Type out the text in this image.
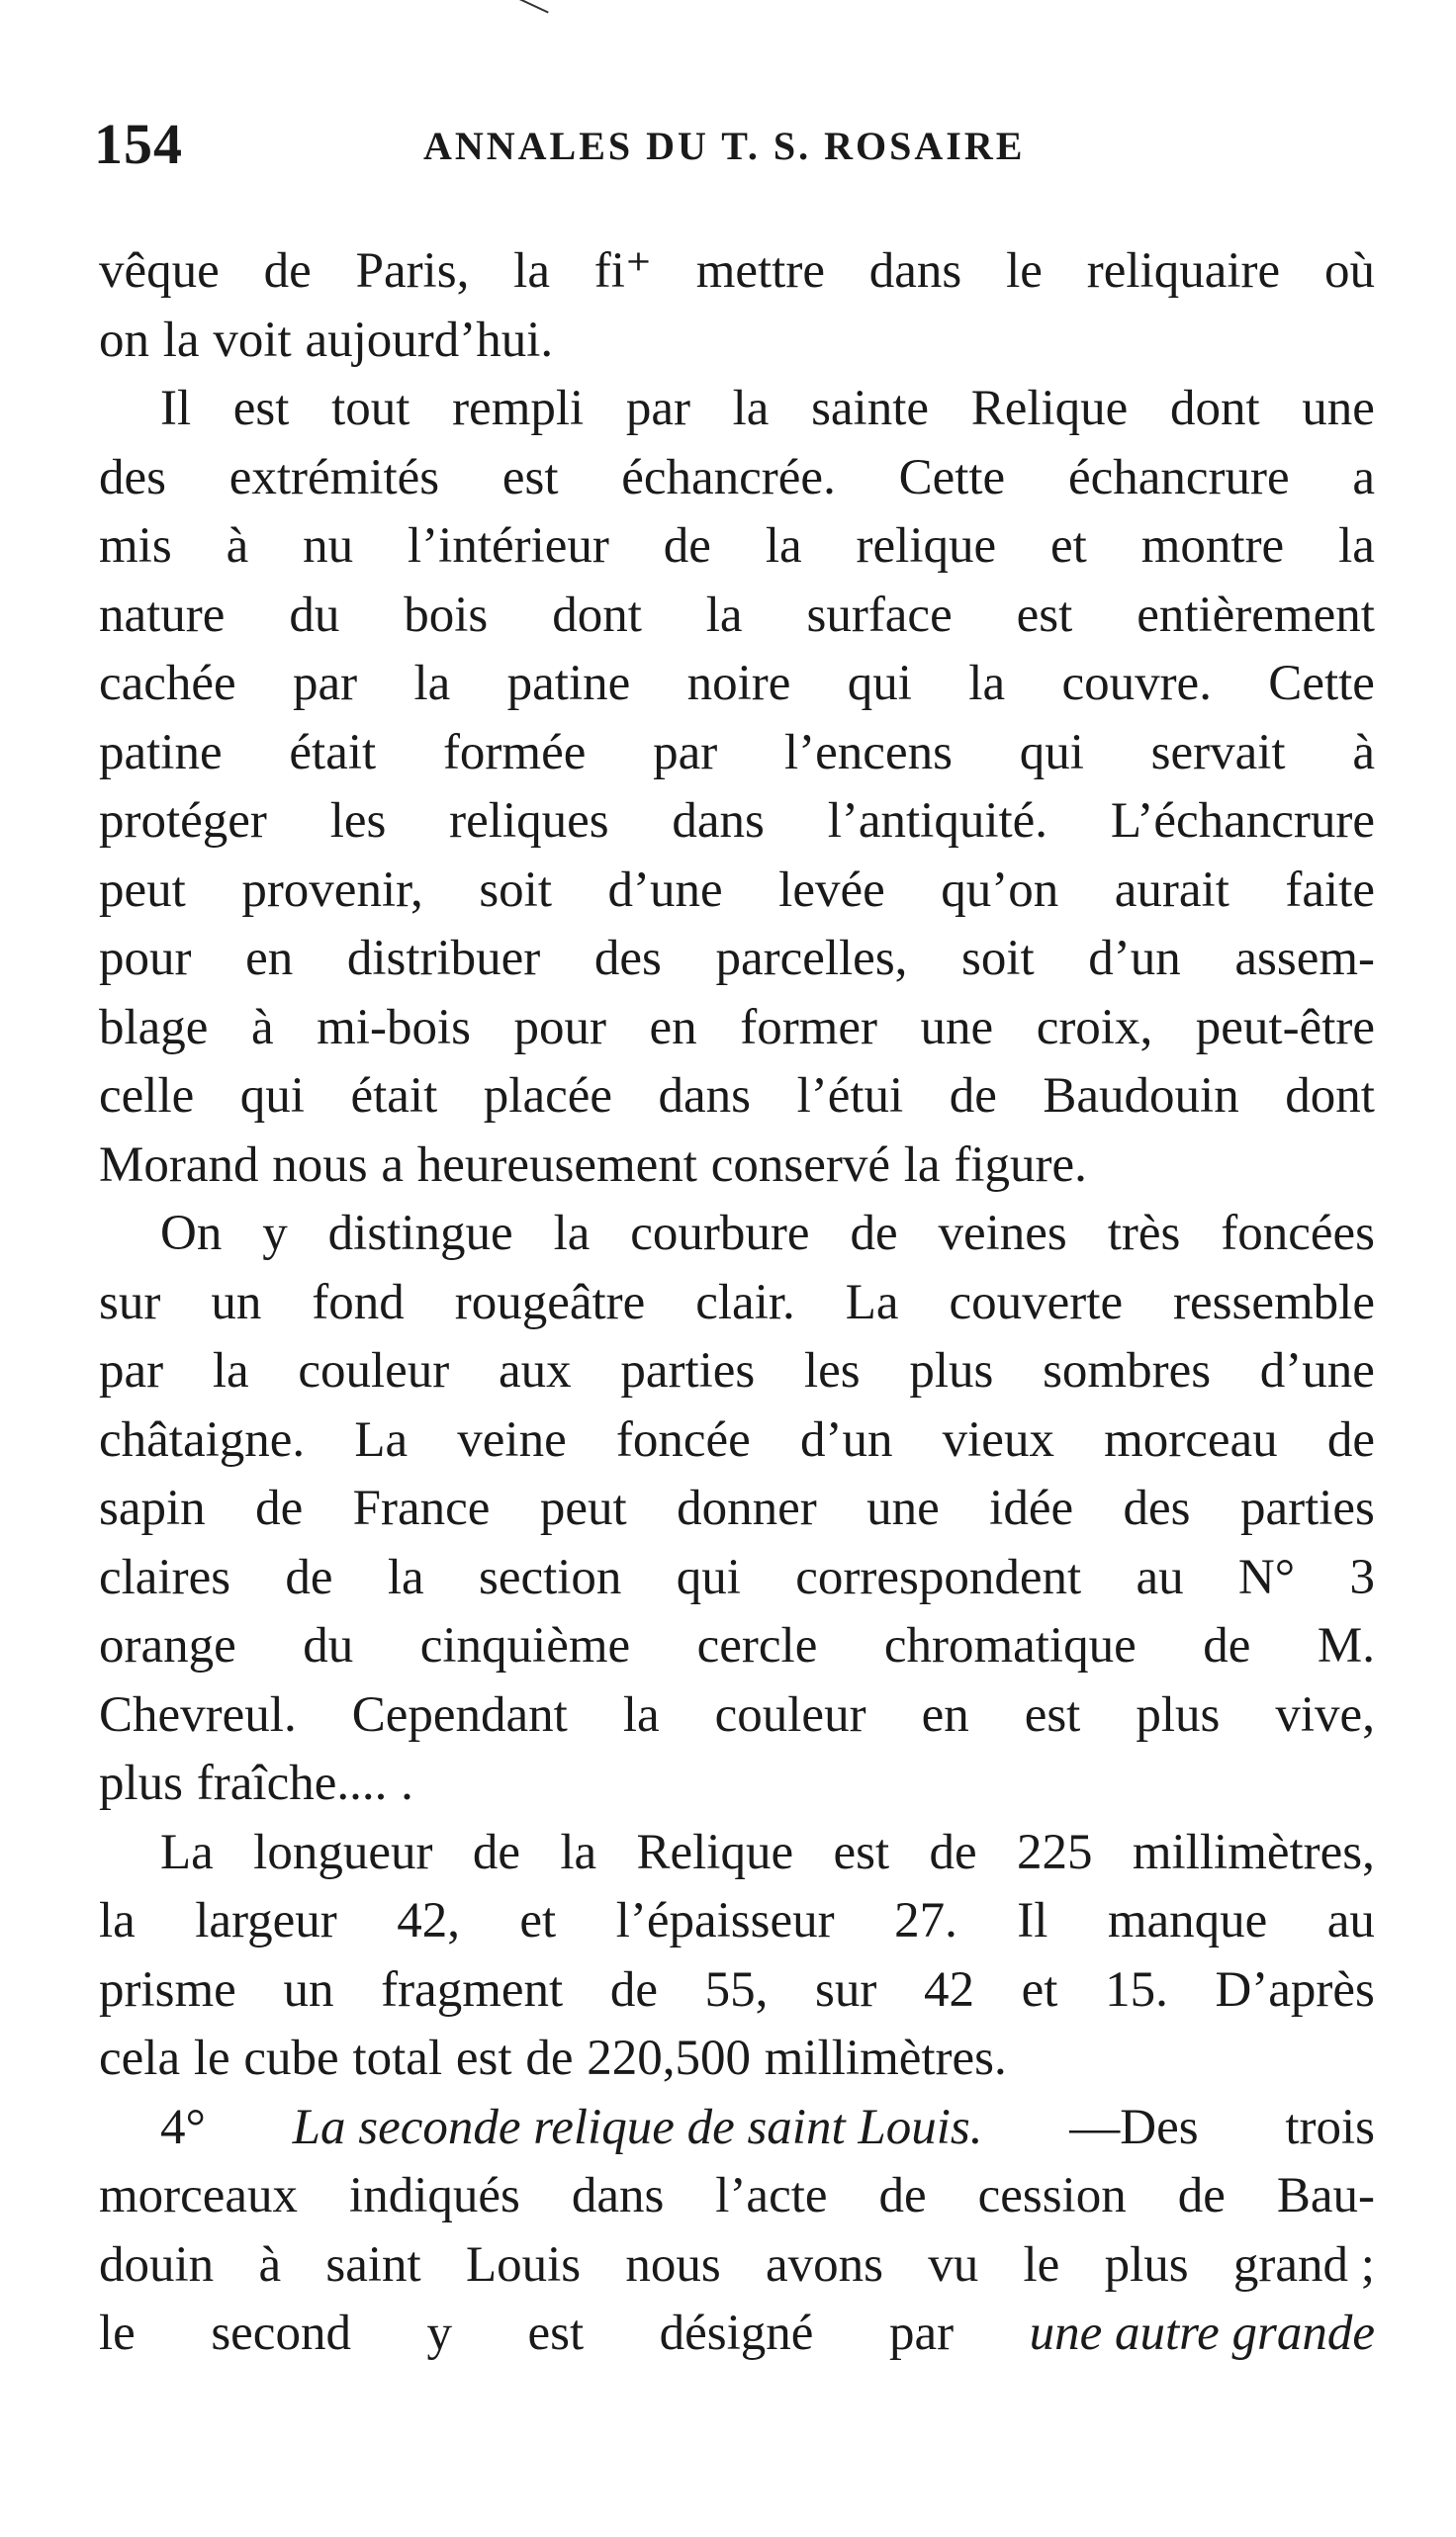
154	ANNALES DU T. S. ROSAIRE
vêque de Paris, la fi⁺ mettre dans le reliquaire où
on la voit aujourd’hui.
Il est tout rempli par la sainte Relique dont une
des extrémités est échancrée. Cette échancrure a
mis à nu l’intérieur de la relique et montre la
nature du bois dont la surface est entièrement
cachée par la patine noire qui la couvre. Cette
patine était formée par l’encens qui servait à
protéger les reliques dans l’antiquité. L’échancrure
peut provenir, soit d’une levée qu’on aurait faite
pour en distribuer des parcelles, soit d’un assem-
blage à mi-bois pour en former une croix, peut-être
celle qui était placée dans l’étui de Baudouin dont
Morand nous a heureusement conservé la figure.
On y distingue la courbure de veines très foncées
sur un fond rougeâtre clair. La couverte ressemble
par la couleur aux parties les plus sombres d’une
châtaigne. La veine foncée d’un vieux morceau de
sapin de France peut donner une idée des parties
claires de la section qui correspondent au N° 3
orange du cinquième cercle chromatique de M.
Chevreul. Cependant la couleur en est plus vive,
plus fraîche.... .
La longueur de la Relique est de 225 millimètres,
la largeur 42, et l’épaisseur 27. Il manque au
prisme un fragment de 55, sur 42 et 15. D’après
cela le cube total est de 220,500 millimètres.
4° La seconde relique de saint Louis. —Des trois
morceaux indiqués dans l’acte de cession de Bau-
douin à saint Louis nous avons vu le plus grand ;
le second y est désigné par une autre grande
